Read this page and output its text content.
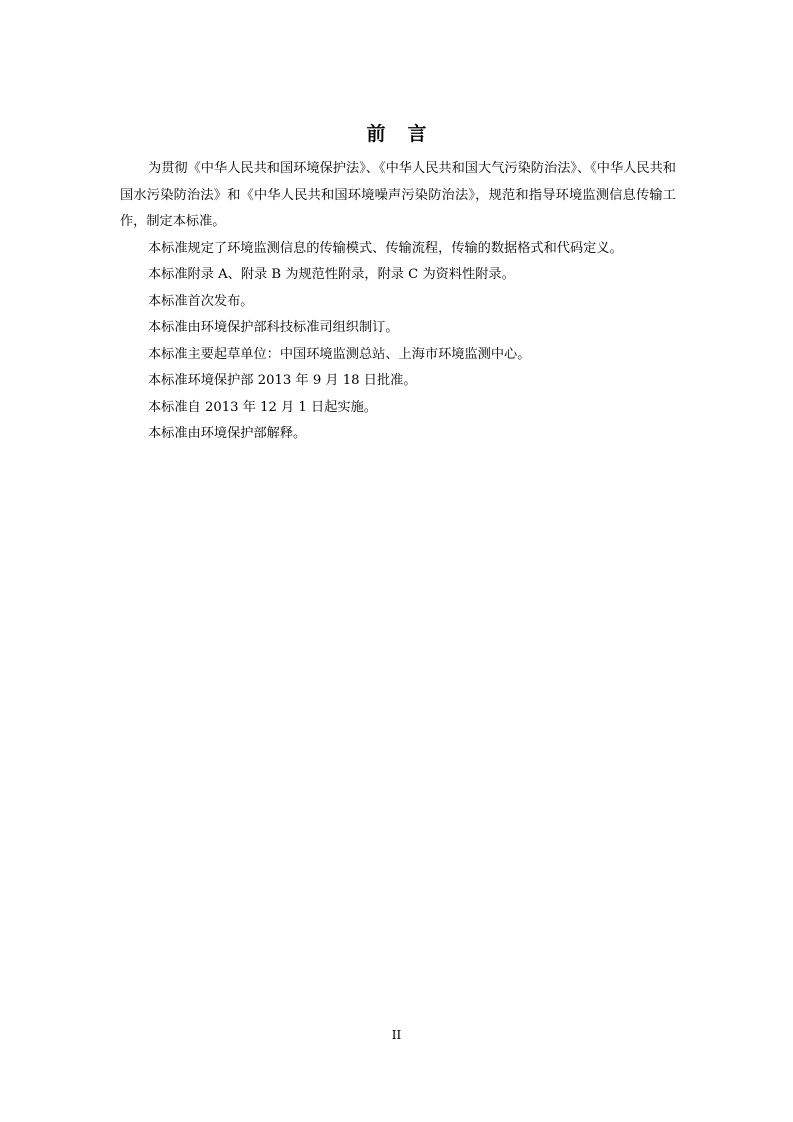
前言

为贯彻《中华人民共和国环境保护法》、《中华人民共和国大气污染防治法》、《中华人民共和国水污染防治法》和《中华人民共和国环境噪声污染防治法》，规范和指导环境监测信息传输工作，制定本标准。

本标准规定了环境监测信息的传输模式、传输流程，传输的数据格式和代码定义。

本标准附录 A、附录 B 为规范性附录，附录 C 为资料性附录。

本标准首次发布。

本标准由环境保护部科技标准司组织制订。

本标准主要起草单位：中国环境监测总站、上海市环境监测中心。

本标准环境保护部 2013 年 9 月 18 日批准。

本标准自 2013 年 12 月 1 日起实施。

本标准由环境保护部解释。

II
